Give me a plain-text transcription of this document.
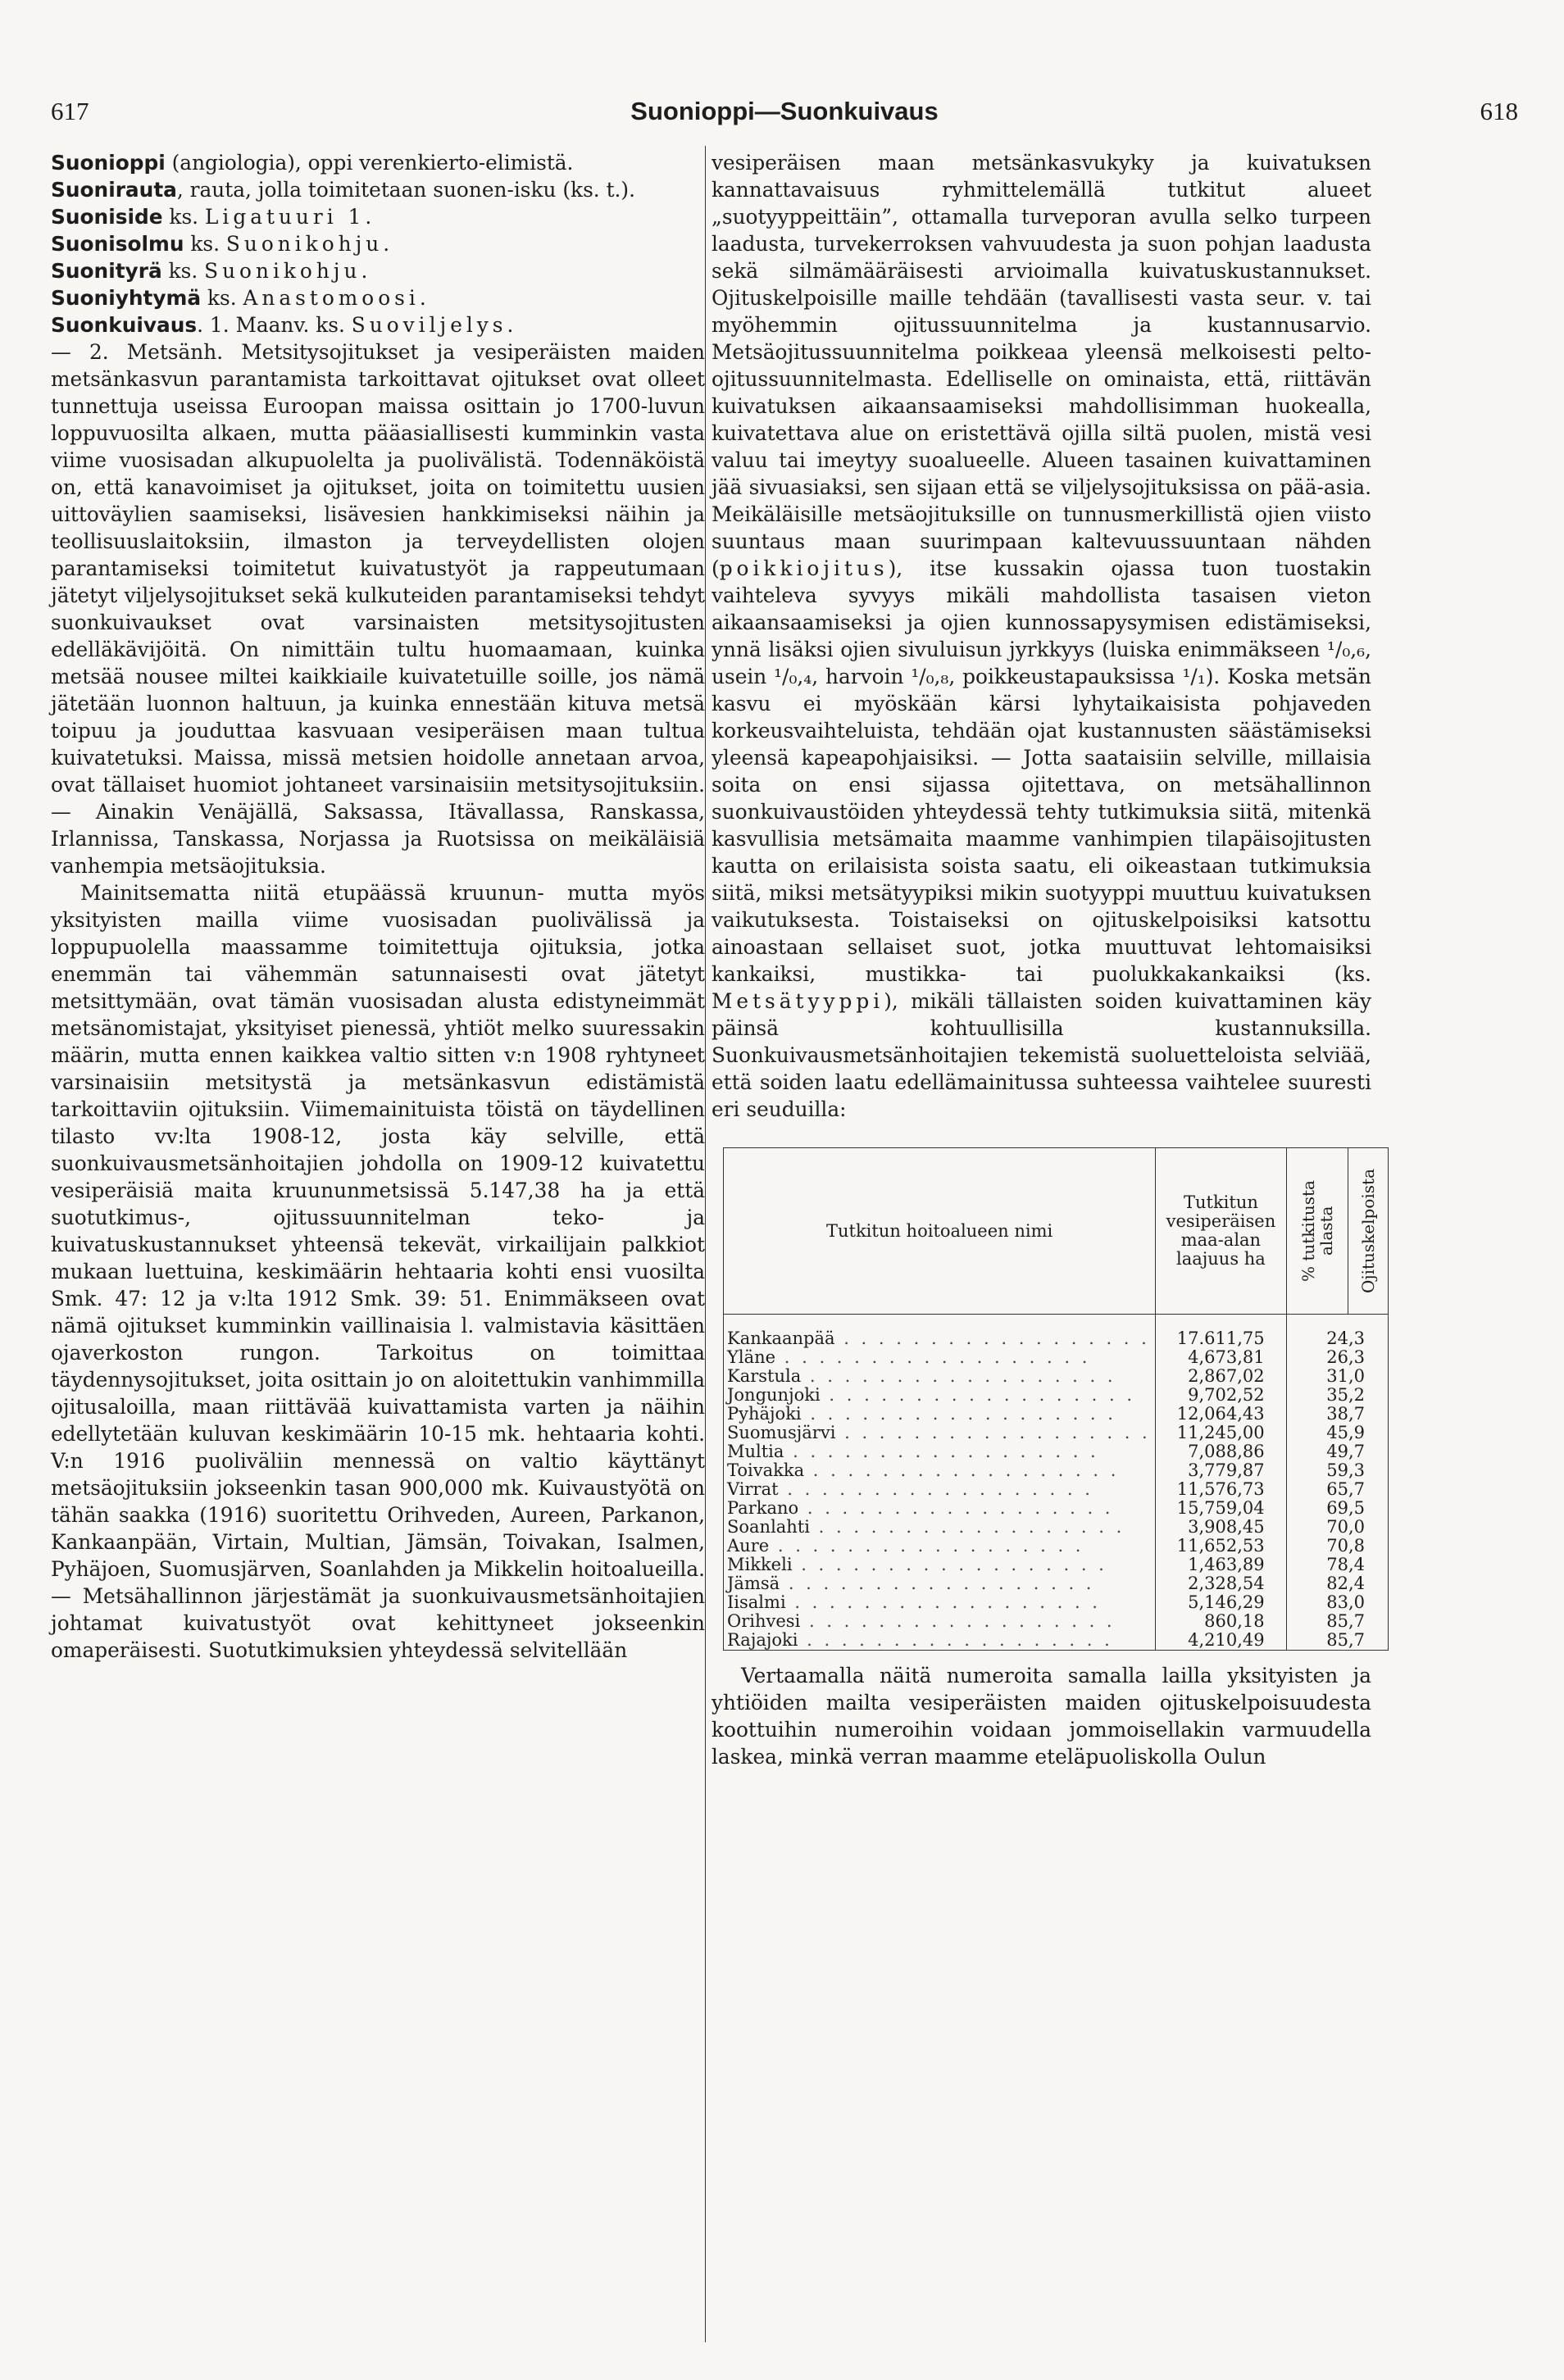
617	Suonioppi—Suonkuivaus	618

Suonioppi (angiologia), oppi verenkierto-elimistä.

Suonirauta, rauta, jolla toimitetaan suonen-isku (ks. t.).

Suoniside ks. Ligatuuri 1.

Suonisolmu ks. Suonikohju.

Suonityrä ks. Suonikohju.

Suoniyhtymä ks. Anastomoosi.

Suonkuivaus. 1. Maanv. ks. Suoviljelys.

— 2. Metsänh. Metsitysojitukset ja vesiperäisten maiden metsänkasvun parantamista tarkoittavat ojitukset ovat olleet tunnettuja useissa Euroopan maissa osittain jo 1700-luvun loppuvuosilta alkaen, mutta pääasiallisesti kumminkin vasta viime vuosisadan alkupuolelta ja puolivälistä. Todennäköistä on, että kanavoimiset ja ojitukset, joita on toimitettu uusien uittoväylien saamiseksi, lisävesien hankkimiseksi näihin ja teollisuuslaitoksiin, ilmaston ja terveydellisten olojen parantamiseksi toimitetut kuivatustyöt ja rappeutumaan jätetyt viljelysojitukset sekä kulkuteiden parantamiseksi tehdyt suonkuivaukset ovat varsinaisten metsitysojitusten edelläkävijöitä. On nimittäin tultu huomaamaan, kuinka metsää nousee miltei kaikkiaile kuivatetuille soille, jos nämä jätetään luonnon haltuun, ja kuinka ennestään kituva metsä toipuu ja jouduttaa kasvuaan vesiperäisen maan tultua kuivatetuksi. Maissa, missä metsien hoidolle annetaan arvoa, ovat tällaiset huomiot johtaneet varsinaisiin metsitysojituksiin. — Ainakin Venäjällä, Saksassa, Itävallassa, Ranskassa, Irlannissa, Tanskassa, Norjassa ja Ruotsissa on meikäläisiä vanhempia metsäojituksia.

Mainitsematta niitä etupäässä kruunun- mutta myös yksityisten mailla viime vuosisadan puolivälissä ja loppupuolella maassamme toimitettuja ojituksia, jotka enemmän tai vähemmän satunnaisesti ovat jätetyt metsittymään, ovat tämän vuosisadan alusta edistyneimmät metsänomistajat, yksityiset pienessä, yhtiöt melko suuressakin määrin, mutta ennen kaikkea valtio sitten v:n 1908 ryhtyneet varsinaisiin metsitystä ja metsänkasvun edistämistä tarkoittaviin ojituksiin. Viimemainituista töistä on täydellinen tilasto vv:lta 1908-12, josta käy selville, että suonkuivausmetsänhoitajien johdolla on 1909-12 kuivatettu vesiperäisiä maita kruununmetsissä 5.147,38 ha ja että suotutkimus-, ojitussuunnitelman teko- ja kuivatuskustannukset yhteensä tekevät, virkailijain palkkiot mukaan luettuina, keskimäärin hehtaaria kohti ensi vuosilta Smk. 47: 12 ja v:lta 1912 Smk. 39: 51. Enimmäkseen ovat nämä ojitukset kumminkin vaillinaisia l. valmistavia käsittäen ojaverkoston rungon. Tarkoitus on toimittaa täydennysojitukset, joita osittain jo on aloitettukin vanhimmilla ojitusaloilla, maan riittävää kuivattamista varten ja näihin edellytetään kuluvan keskimäärin 10-15 mk. hehtaaria kohti. V:n 1916 puoliväliin mennessä on valtio käyttänyt metsäojituksiin jokseenkin tasan 900,000 mk. Kuivaustyötä on tähän saakka (1916) suoritettu Orihveden, Aureen, Parkanon, Kankaanpään, Virtain, Multian, Jämsän, Toivakan, Isalmen, Pyhäjoen, Suomusjärven, Soanlahden ja Mikkelin hoitoalueilla. — Metsähallinnon järjestämät ja suonkuivausmetsänhoitajien johtamat kuivatustyöt ovat kehittyneet jokseenkin omaperäisesti. Suotutkimuksien yhteydessä selvitellään

vesiperäisen maan metsänkasvukyky ja kuivatuksen kannattavaisuus ryhmittelemällä tutkitut alueet „suotyyppeittäin”, ottamalla turveporan avulla selko turpeen laadusta, turvekerroksen vahvuudesta ja suon pohjan laadusta sekä silmämääräisesti arvioimalla kuivatuskustannukset. Ojituskelpoisille maille tehdään (tavallisesti vasta seur. v. tai myöhemmin ojitussuunnitelma ja kustannusarvio. Metsäojitussuunnitelma poikkeaa yleensä melkoisesti pelto-ojitussuunnitelmasta. Edelliselle on ominaista, että, riittävän kuivatuksen aikaansaamiseksi mahdollisimman huokealla, kuivatettava alue on eristettävä ojilla siltä puolen, mistä vesi valuu tai imeytyy suoalueelle. Alueen tasainen kuivattaminen jää sivuasiaksi, sen sijaan että se viljelysojituksissa on pää-asia. Meikäläisille metsäojituksille on tunnusmerkillistä ojien viisto suuntaus maan suurimpaan kaltevuussuuntaan nähden (poikkiojitus), itse kussakin ojassa tuon tuostakin vaihteleva syvyys mikäli mahdollista tasaisen vieton aikaansaamiseksi ja ojien kunnossapysymisen edistämiseksi, ynnä lisäksi ojien sivuluisun jyrkkyys (luiska enimmäkseen ¹/₀,₆, usein ¹/₀,₄, harvoin ¹/₀,₈, poikkeustapauksissa ¹/₁). Koska metsän kasvu ei myöskään kärsi lyhytaikaisista pohjaveden korkeusvaihteluista, tehdään ojat kustannusten säästämiseksi yleensä kapeapohjaisiksi. — Jotta saataisiin selville, millaisia soita on ensi sijassa ojitettava, on metsähallinnon suonkuivaustöiden yhteydessä tehty tutkimuksia siitä, mitenkä kasvullisia metsämaita maamme vanhimpien tilapäisojitusten kautta on erilaisista soista saatu, eli oikeastaan tutkimuksia siitä, miksi metsätyypiksi mikin suotyyppi muuttuu kuivatuksen vaikutuksesta. Toistaiseksi on ojituskelpoisiksi katsottu ainoastaan sellaiset suot, jotka muuttuvat lehtomaisiksi kankaiksi, mustikka- tai puolukkakankaiksi (ks. Metsätyyppi), mikäli tällaisten soiden kuivattaminen käy päinsä kohtuullisilla kustannuksilla. Suonkuivausmetsänhoitajien tekemistä suoluetteloista selviää, että soiden laatu edellämainitussa suhteessa vaihtelee suuresti eri seuduilla:

Tutkitun hoitoalueen nimi	Tutkitun vesiperäisen maa-alan laajuus ha	% tutkitusta alasta	Ojituskelpoista

Kankaanpää . . . . . . . . . . . . . . . . . .	17.611,75	24,3	
Yläne . . . . . . . . . . . . . . . . . .	4,673,81	26,3	
Karstula . . . . . . . . . . . . . . . . . .	2,867,02	31,0	
Jongunjoki . . . . . . . . . . . . . . . . . .	9,702,52	35,2	
Pyhäjoki . . . . . . . . . . . . . . . . . .	12,064,43	38,7	
Suomusjärvi . . . . . . . . . . . . . . . . . .	11,245,00	45,9	
Multia . . . . . . . . . . . . . . . . . .	7,088,86	49,7	
Toivakka . . . . . . . . . . . . . . . . . .	3,779,87	59,3	
Virrat . . . . . . . . . . . . . . . . . .	11,576,73	65,7	
Parkano . . . . . . . . . . . . . . . . . .	15,759,04	69,5	
Soanlahti . . . . . . . . . . . . . . . . . .	3,908,45	70,0	
Aure . . . . . . . . . . . . . . . . . .	11,652,53	70,8	
Mikkeli . . . . . . . . . . . . . . . . . .	1,463,89	78,4	
Jämsä . . . . . . . . . . . . . . . . . .	2,328,54	82,4	
Iisalmi . . . . . . . . . . . . . . . . . .	5,146,29	83,0	
Orihvesi . . . . . . . . . . . . . . . . . .	860,18	85,7	
Rajajoki . . . . . . . . . . . . . . . . . .	4,210,49	85,7	

Vertaamalla näitä numeroita samalla lailla yksityisten ja yhtiöiden mailta vesiperäisten maiden ojituskelpoisuudesta koottuihin numeroihin voidaan jommoisellakin varmuudella laskea, minkä verran maamme eteläpuoliskolla Oulun
